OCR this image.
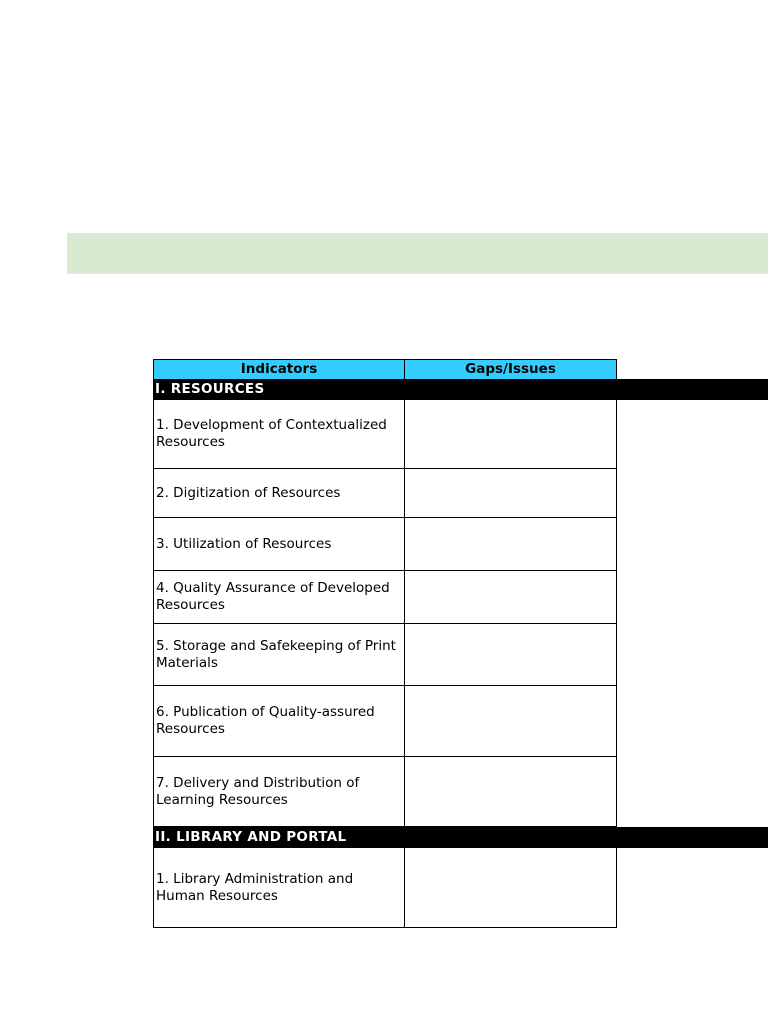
Indicators	Gaps/Issues
I. RESOURCES
1. Development of Contextualized Resources
2. Digitization of Resources
3. Utilization of Resources
4. Quality Assurance of Developed Resources
5. Storage and Safekeeping of Print Materials
6. Publication of Quality-assured Resources
7. Delivery and Distribution of Learning Resources
II. LIBRARY AND PORTAL
1. Library Administration and Human Resources
